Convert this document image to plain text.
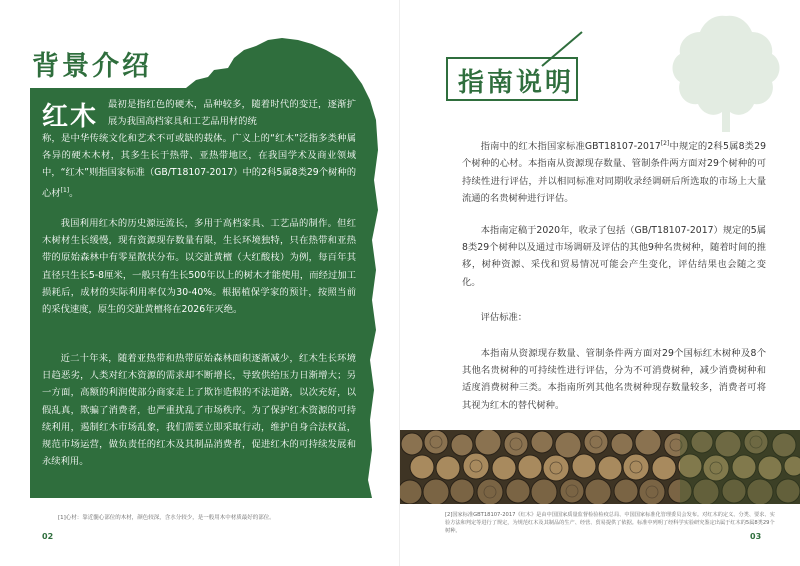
背景介绍
红木 最初是指红色的硬木，品种较多，随着时代的变迁，逐渐扩展为我国高档家具和工艺品用材的统
称，是中华传统文化和艺术不可或缺的载体。广义上的“红木”泛指多类种属各异的硬木木材，其多生长于热带、亚热带地区，在我国学术及商业领域中，“红木”则指国家标准（GB/T18107-2017）中的2科5属8类29个树种的心材[1]。
我国利用红木的历史源远流长，多用于高档家具、工艺品的制作。但红木树材生长缓慢，现有资源现存数量有限，生长环境独特，只在热带和亚热带的原始森林中有零星散状分布。以交趾黄檀（大红酸枝）为例，每百年其直径只生长5-8厘米，一般只有生长500年以上的树木才能使用，而经过加工损耗后，成材的实际利用率仅为30-40%。根据植保学家的预计，按照当前的采伐速度，原生的交趾黄檀将在2026年灭绝。
近二十年来，随着亚热带和热带原始森林面积逐渐减少，红木生长环境日趋恶劣，人类对红木资源的需求却不断增长，导致供给压力日渐增大；另一方面，高额的利润使部分商家走上了欺诈造假的不法道路，以次充好，以假乱真，欺骗了消费者，也严重扰乱了市场秩序。为了保护红木资源的可持续利用，遏制红木市场乱象，我们需要立即采取行动，维护自身合法权益，规范市场运营，做负责任的红木及其制品消费者，促进红木的可持续发展和永续利用。
[1]心材：靠近髓心部位的木材，颜色较深，含水分较少，是一般用木中材质最好的部位。
02
指南说明
指南中的红木指国家标准GBT18107-2017[2]中规定的2科5属8类29个树种的心材。本指南从资源现存数量、管制条件两方面对29个树种的可持续性进行评估，并以相同标准对同期收录经调研后所选取的市场上大量流通的名贵树种进行评估。
本指南定稿于2020年，收录了包括（GB/T18107-2017）规定的5属8类29个树种以及通过市场调研及评估的其他9种名贵树种，随着时间的推移，树种资源、采伐和贸易情况可能会产生变化，评估结果也会随之变化。
评估标准：
本指南从资源现存数量、管制条件两方面对29个国标红木树种及8个其他名贵树种的可持续性进行评估，分为不可消费树种，减少消费树种和适度消费树种三类。本指南所列其他名贵树种现存数量较多，消费者可将其视为红木的替代树种。
[2]国家标准GBT18107-2017《红木》是由中国国家质量监督检验检疫总局、中国国家标准化管理委员会发布。对红木的定义、分类、要求、实验方法和判定等进行了规定，为规范红木及其制品的生产、经营、贸易提供了依据。标准中列明了经科学实验研究鉴定出属于红木的5属8类29个树种。
03
